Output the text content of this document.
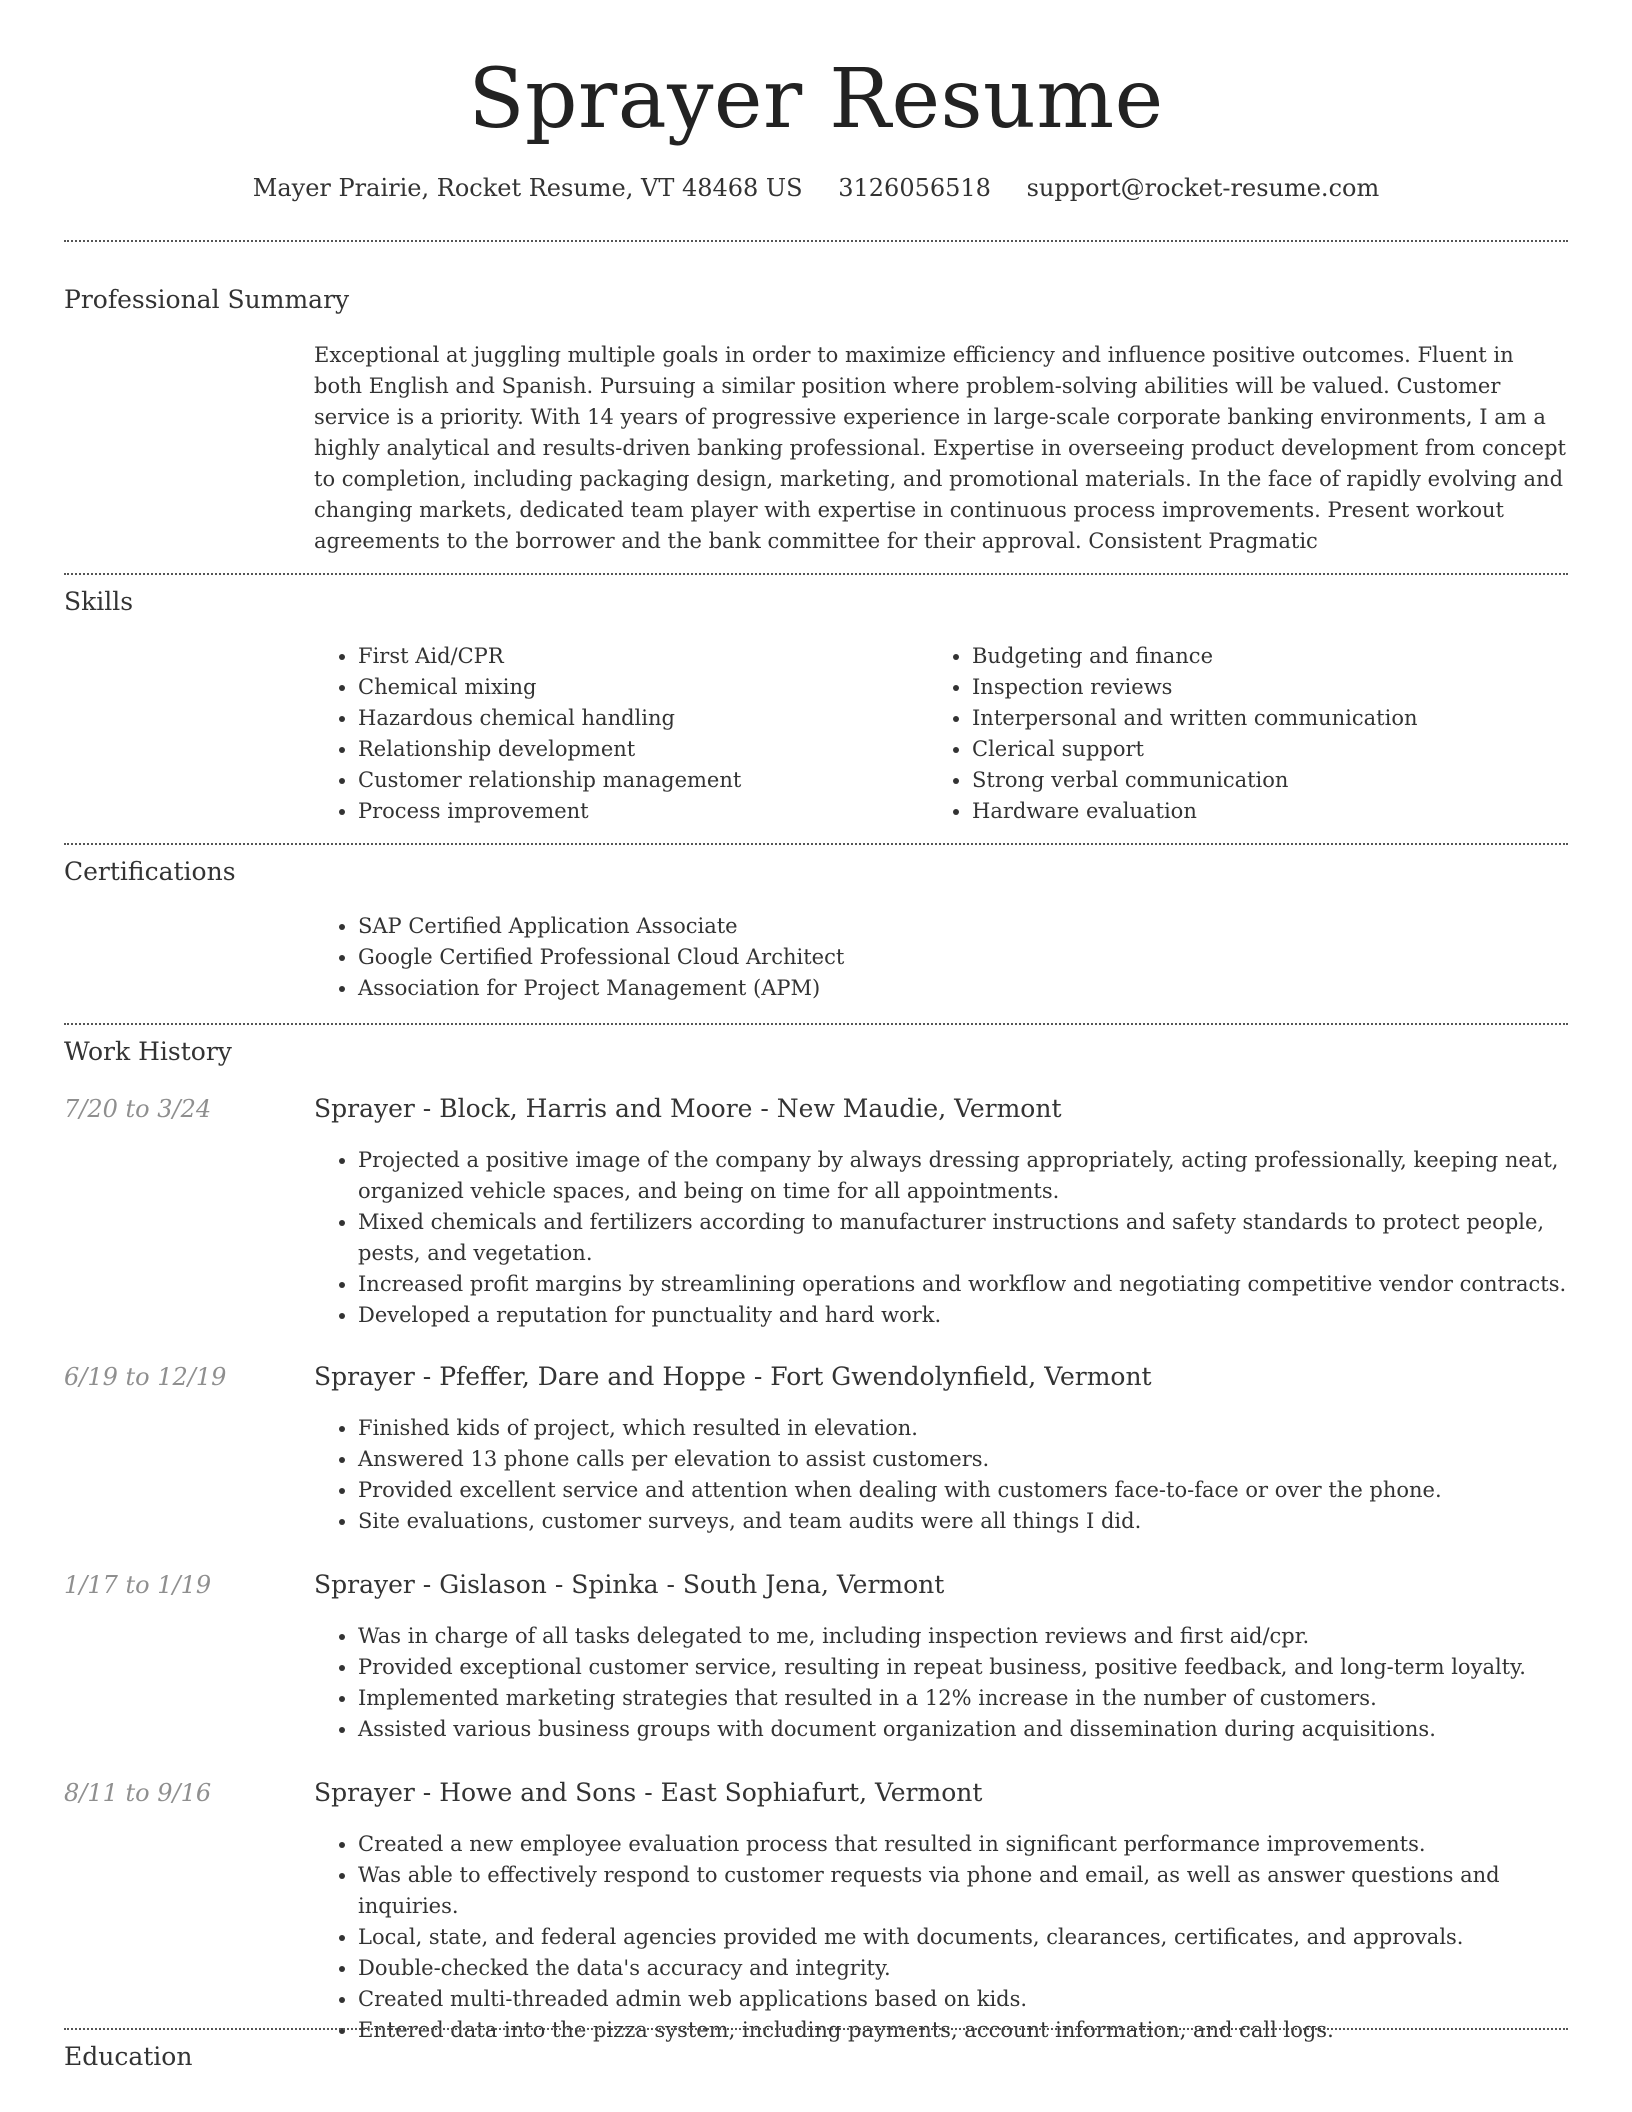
Sprayer Resume
Mayer Prairie, Rocket Resume, VT 48468 US 3126056518 support@rocket-resume.com
Professional Summary
Exceptional at juggling multiple goals in order to maximize efficiency and influence positive outcomes. Fluent in both English and Spanish. Pursuing a similar position where problem-solving abilities will be valued. Customer service is a priority. With 14 years of progressive experience in large-scale corporate banking environments, I am a highly analytical and results-driven banking professional. Expertise in overseeing product development from concept to completion, including packaging design, marketing, and promotional materials. In the face of rapidly evolving and changing markets, dedicated team player with expertise in continuous process improvements. Present workout agreements to the borrower and the bank committee for their approval. Consistent Pragmatic
Skills
• First Aid/CPR
• Chemical mixing
• Hazardous chemical handling
• Relationship development
• Customer relationship management
• Process improvement
• Budgeting and finance
• Inspection reviews
• Interpersonal and written communication
• Clerical support
• Strong verbal communication
• Hardware evaluation
Certifications
• SAP Certified Application Associate
• Google Certified Professional Cloud Architect
• Association for Project Management (APM)
Work History
7/20 to 3/24	Sprayer - Block, Harris and Moore - New Maudie, Vermont
• Projected a positive image of the company by always dressing appropriately, acting professionally, keeping neat, organized vehicle spaces, and being on time for all appointments.
• Mixed chemicals and fertilizers according to manufacturer instructions and safety standards to protect people, pests, and vegetation.
• Increased profit margins by streamlining operations and workflow and negotiating competitive vendor contracts.
• Developed a reputation for punctuality and hard work.
6/19 to 12/19	Sprayer - Pfeffer, Dare and Hoppe - Fort Gwendolynfield, Vermont
• Finished kids of project, which resulted in elevation.
• Answered 13 phone calls per elevation to assist customers.
• Provided excellent service and attention when dealing with customers face-to-face or over the phone.
• Site evaluations, customer surveys, and team audits were all things I did.
1/17 to 1/19	Sprayer - Gislason - Spinka - South Jena, Vermont
• Was in charge of all tasks delegated to me, including inspection reviews and first aid/cpr.
• Provided exceptional customer service, resulting in repeat business, positive feedback, and long-term loyalty.
• Implemented marketing strategies that resulted in a 12% increase in the number of customers.
• Assisted various business groups with document organization and dissemination during acquisitions.
8/11 to 9/16	Sprayer - Howe and Sons - East Sophiafurt, Vermont
• Created a new employee evaluation process that resulted in significant performance improvements.
• Was able to effectively respond to customer requests via phone and email, as well as answer questions and inquiries.
• Local, state, and federal agencies provided me with documents, clearances, certificates, and approvals.
• Double-checked the data's accuracy and integrity.
• Created multi-threaded admin web applications based on kids.
• Entered data into the pizza system, including payments, account information, and call logs.
Education
